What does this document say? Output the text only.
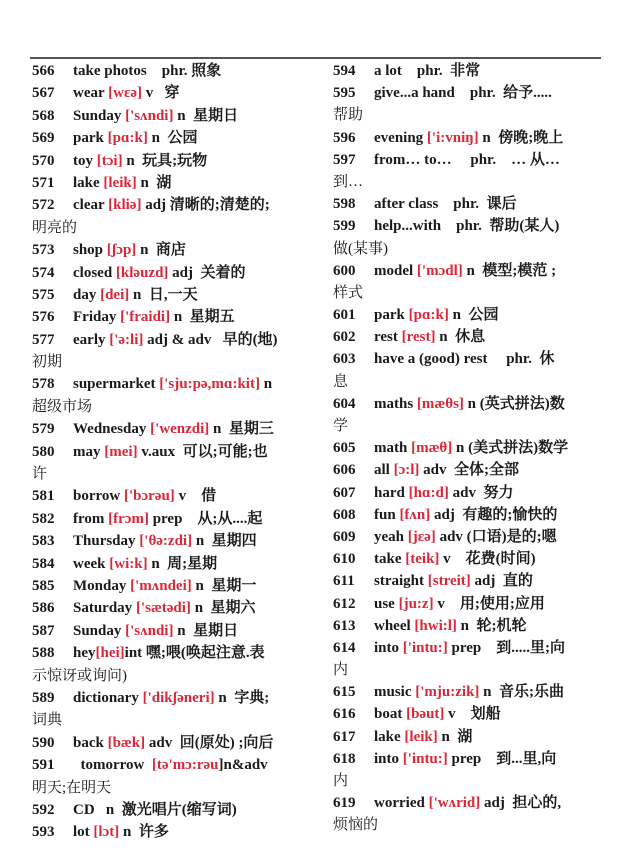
566 take photos    phr. 照象
567 wear [wɛə] v   穿
568 Sunday ['sʌndi] n  星期日
569 park [pɑ:k] n  公园
570 toy [tɔi] n  玩具;玩物
571 lake [leik] n  湖
572 clear [kliə] adj 清晰的;清楚的;
明亮的
573 shop [ʃɔp] n  商店
574 closed [kləuzd] adj  关着的
575 day [dei] n  日,一天
576 Friday ['fraidi] n  星期五
577 early ['ə:li] adj & adv   早的(地)
初期
578 supermarket ['sju:pə,mɑ:kit] n
超级市场
579 Wednesday ['wenzdi] n  星期三
580 may [mei] v.aux  可以;可能;也
许
581 borrow ['bɔrəu] v    借
582 from [frɔm] prep    从;从....起
583 Thursday ['θə:zdi] n  星期四
584 week [wi:k] n  周;星期
585 Monday ['mʌndei] n  星期一
586 Saturday ['sætədi] n  星期六
587 Sunday ['sʌndi] n  星期日
588 hey[hei]int 嘿;喂(唤起注意.表
示惊讶或询问)
589 dictionary ['dikʃəneri] n  字典;
词典
590 back [bæk] adv  回(原处) ;向后
591  tomorrow  [tə'mɔ:rəu]n&adv
明天;在明天
592 CD   n  激光唱片(缩写词)
593 lot [lɔt] n  许多
594 a lot    phr.  非常
595 give...a hand    phr.  给予.....
帮助
596 evening ['i:vniŋ] n  傍晚;晚上
597 from… to…     phr.    … 从…
到…
598 after class    phr.  课后
599 help...with    phr.  帮助(某人)
做(某事)
600 model ['mɔdl] n  模型;模范 ;
样式
601 park [pɑ:k] n  公园
602 rest [rest] n  休息
603 have a (good) rest     phr.  休
息
604 maths [mæθs] n (英式拼法)数
学
605 math [mæθ] n (美式拼法)数学
606 all [ɔ:l] adv  全体;全部
607 hard [hɑ:d] adv  努力
608 fun [fʌn] adj  有趣的;愉快的
609 yeah [jɛə] adv (口语)是的;嗯
610 take [teik] v    花费(时间)
611 straight [streit] adj  直的
612 use [ju:z] v    用;使用;应用
613 wheel [hwi:l] n  轮;机轮
614 into ['intu:] prep    到.....里;向
内
615 music ['mju:zik] n  音乐;乐曲
616 boat [bəut] v    划船
617 lake [leik] n  湖
618 into ['intu:] prep    到...里,向
内
619 worried ['wʌrid] adj  担心的,
烦恼的
